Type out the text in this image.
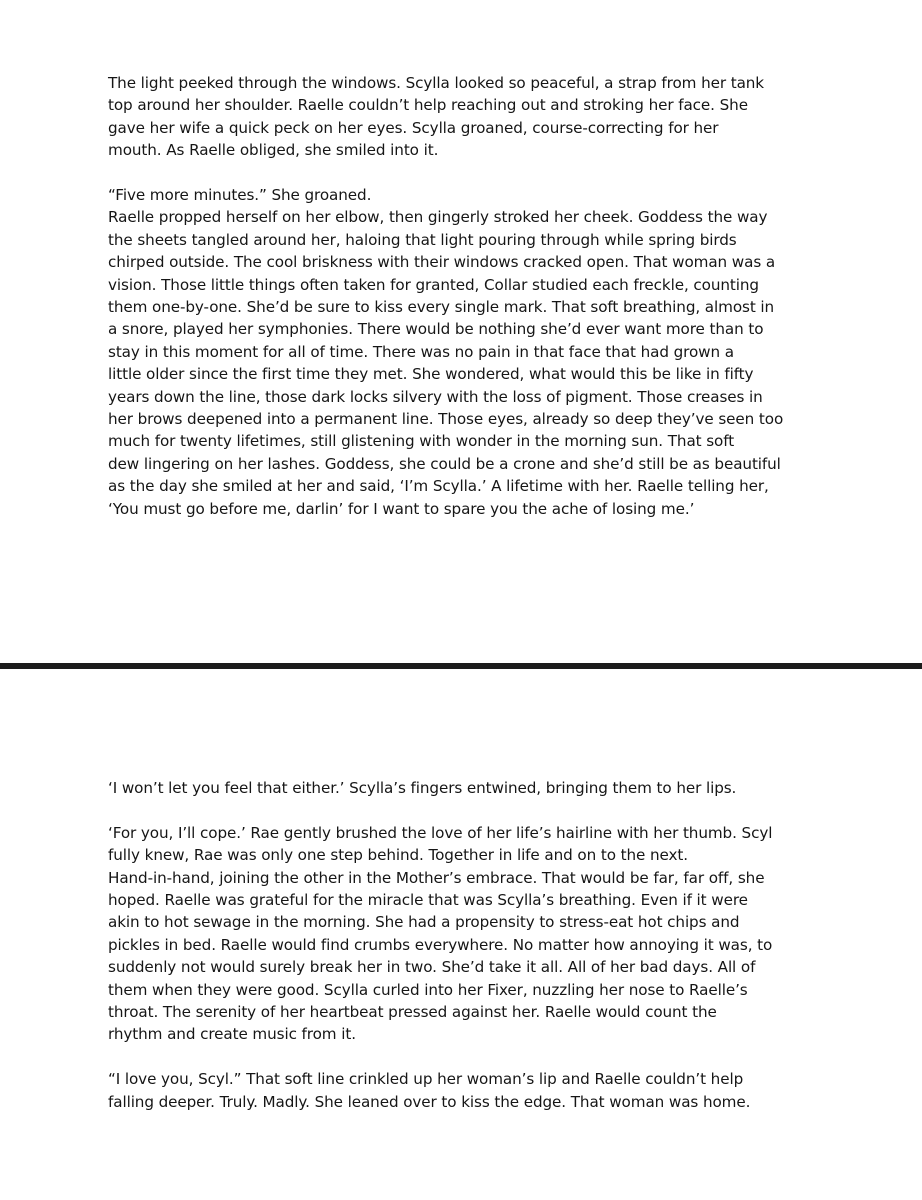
The light peeked through the windows. Scylla looked so peaceful, a strap from her tank
top around her shoulder. Raelle couldn’t help reaching out and stroking her face. She
gave her wife a quick peck on her eyes. Scylla groaned, course-correcting for her
mouth. As Raelle obliged, she smiled into it.

“Five more minutes.” She groaned.
Raelle propped herself on her elbow, then gingerly stroked her cheek. Goddess the way
the sheets tangled around her, haloing that light pouring through while spring birds
chirped outside. The cool briskness with their windows cracked open. That woman was a
vision. Those little things often taken for granted, Collar studied each freckle, counting
them one-by-one. She’d be sure to kiss every single mark. That soft breathing, almost in
a snore, played her symphonies. There would be nothing she’d ever want more than to
stay in this moment for all of time. There was no pain in that face that had grown a
little older since the first time they met. She wondered, what would this be like in fifty
years down the line, those dark locks silvery with the loss of pigment. Those creases in
her brows deepened into a permanent line. Those eyes, already so deep they’ve seen too
much for twenty lifetimes, still glistening with wonder in the morning sun. That soft
dew lingering on her lashes. Goddess, she could be a crone and she’d still be as beautiful
as the day she smiled at her and said, ‘I’m Scylla.’ A lifetime with her. Raelle telling her,
‘You must go before me, darlin’ for I want to spare you the ache of losing me.’

‘I won’t let you feel that either.’ Scylla’s fingers entwined, bringing them to her lips.

‘For you, I’ll cope.’ Rae gently brushed the love of her life’s hairline with her thumb. Scyl
fully knew, Rae was only one step behind. Together in life and on to the next.
Hand-in-hand, joining the other in the Mother’s embrace. That would be far, far off, she
hoped. Raelle was grateful for the miracle that was Scylla’s breathing. Even if it were
akin to hot sewage in the morning. She had a propensity to stress-eat hot chips and
pickles in bed. Raelle would find crumbs everywhere. No matter how annoying it was, to
suddenly not would surely break her in two. She’d take it all. All of her bad days. All of
them when they were good. Scylla curled into her Fixer, nuzzling her nose to Raelle’s
throat. The serenity of her heartbeat pressed against her. Raelle would count the
rhythm and create music from it.

“I love you, Scyl.” That soft line crinkled up her woman’s lip and Raelle couldn’t help
falling deeper. Truly. Madly. She leaned over to kiss the edge. That woman was home.
